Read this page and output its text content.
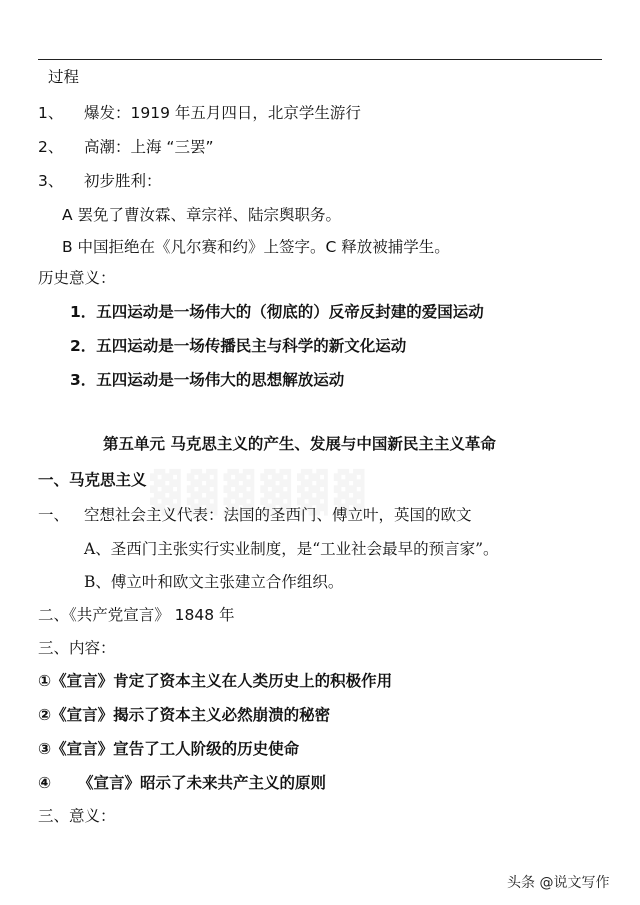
过程
1、 爆发：1919 年五月四日，北京学生游行
2、 高潮：上海 “三罢”
3、 初步胜利：
A 罢免了曹汝霖、章宗祥、陆宗舆职务。
B 中国拒绝在《凡尔赛和约》上签字。C 释放被捕学生。
历史意义：
1．五四运动是一场伟大的（彻底的）反帝反封建的爱国运动
2．五四运动是一场传播民主与科学的新文化运动
3．五四运动是一场伟大的思想解放运动
第五单元 马克思主义的产生、发展与中国新民主主义革命
一、马克思主义
一、 空想社会主义代表：法国的圣西门、傅立叶，英国的欧文
A、圣西门主张实行实业制度，是“工业社会最早的预言家”。
B、傅立叶和欧文主张建立合作组织。
二、《共产党宣言》 1848 年
三、内容：
①《宣言》肯定了资本主义在人类历史上的积极作用
②《宣言》揭示了资本主义必然崩溃的秘密
③《宣言》宣告了工人阶级的历史使命
④ 《宣言》昭示了未来共产主义的原则
三、意义：
头条 @说文写作
